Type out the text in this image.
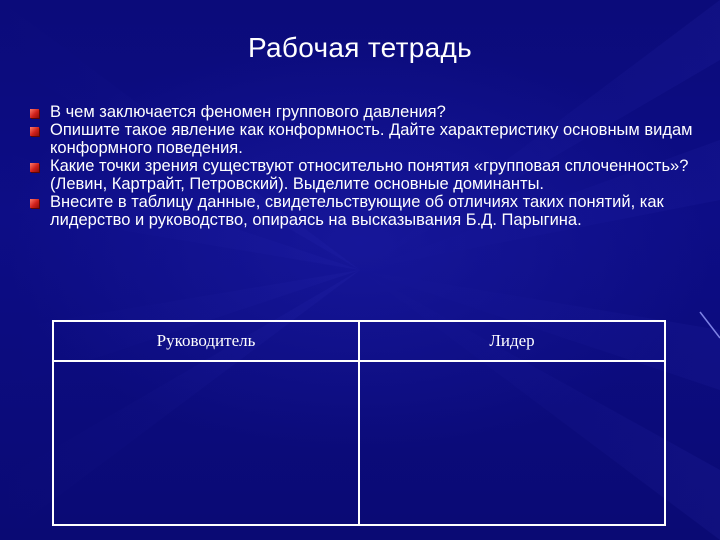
Рабочая тетрадь
В чем заключается феномен группового давления?
Опишите такое явление как конформность. Дайте характеристику основным видам конформного поведения.
Какие точки зрения существуют относительно понятия «групповая сплоченность»? (Левин, Картрайт, Петровский). Выделите основные доминанты.
Внесите в таблицу данные, свидетельствующие об отличиях таких понятий, как лидерство и руководство, опираясь на высказывания Б.Д. Парыгина.
Руководитель	Лидер
